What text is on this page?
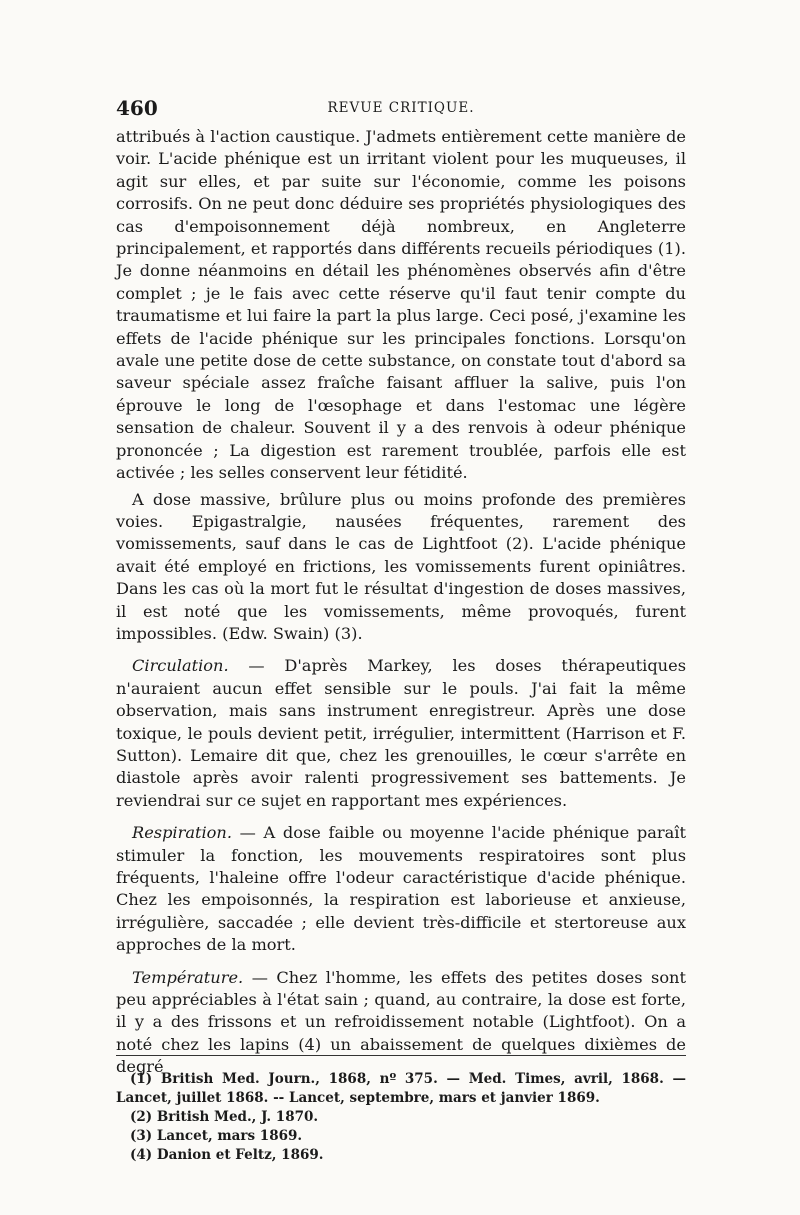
460	REVUE CRITIQUE.

attribués à l'action caustique. J'admets entièrement cette manière de voir. L'acide phénique est un irritant violent pour les muqueuses, il agit sur elles, et par suite sur l'économie, comme les poisons corrosifs. On ne peut donc déduire ses propriétés physiologiques des cas d'empoisonnement déjà nombreux, en Angleterre principalement, et rapportés dans différents recueils périodiques (1). Je donne néanmoins en détail les phénomènes observés afin d'être complet ; je le fais avec cette réserve qu'il faut tenir compte du traumatisme et lui faire la part la plus large. Ceci posé, j'examine les effets de l'acide phénique sur les principales fonctions. Lorsqu'on avale une petite dose de cette substance, on constate tout d'abord sa saveur spéciale assez fraîche faisant affluer la salive, puis l'on éprouve le long de l'œsophage et dans l'estomac une légère sensation de chaleur. Souvent il y a des renvois à odeur phénique prononcée ; La digestion est rarement troublée, parfois elle est activée ; les selles conservent leur fétidité.

A dose massive, brûlure plus ou moins profonde des premières voies. Epigastralgie, nausées fréquentes, rarement des vomissements, sauf dans le cas de Lightfoot (2). L'acide phénique avait été employé en frictions, les vomissements furent opiniâtres. Dans les cas où la mort fut le résultat d'ingestion de doses massives, il est noté que les vomissements, même provoqués, furent impossibles. (Edw. Swain) (3).

Circulation. — D'après Markey, les doses thérapeutiques n'auraient aucun effet sensible sur le pouls. J'ai fait la même observation, mais sans instrument enregistreur. Après une dose toxique, le pouls devient petit, irrégulier, intermittent (Harrison et F. Sutton). Lemaire dit que, chez les grenouilles, le cœur s'arrête en diastole après avoir ralenti progressivement ses battements. Je reviendrai sur ce sujet en rapportant mes expériences.

Respiration. — A dose faible ou moyenne l'acide phénique paraît stimuler la fonction, les mouvements respiratoires sont plus fréquents, l'haleine offre l'odeur caractéristique d'acide phénique. Chez les empoisonnés, la respiration est laborieuse et anxieuse, irrégulière, saccadée ; elle devient très-difficile et stertoreuse aux approches de la mort.

Température. — Chez l'homme, les effets des petites doses sont peu appréciables à l'état sain ; quand, au contraire, la dose est forte, il y a des frissons et un refroidissement notable (Lightfoot). On a noté chez les lapins (4) un abaissement de quelques dixièmes de degré

(1) British Med. Journ., 1868, nº 375. — Med. Times, avril, 1868. — Lancet, juillet 1868. -- Lancet, septembre, mars et janvier 1869.

(2) British Med., J. 1870.

(3) Lancet, mars 1869.

(4) Danion et Feltz, 1869.
